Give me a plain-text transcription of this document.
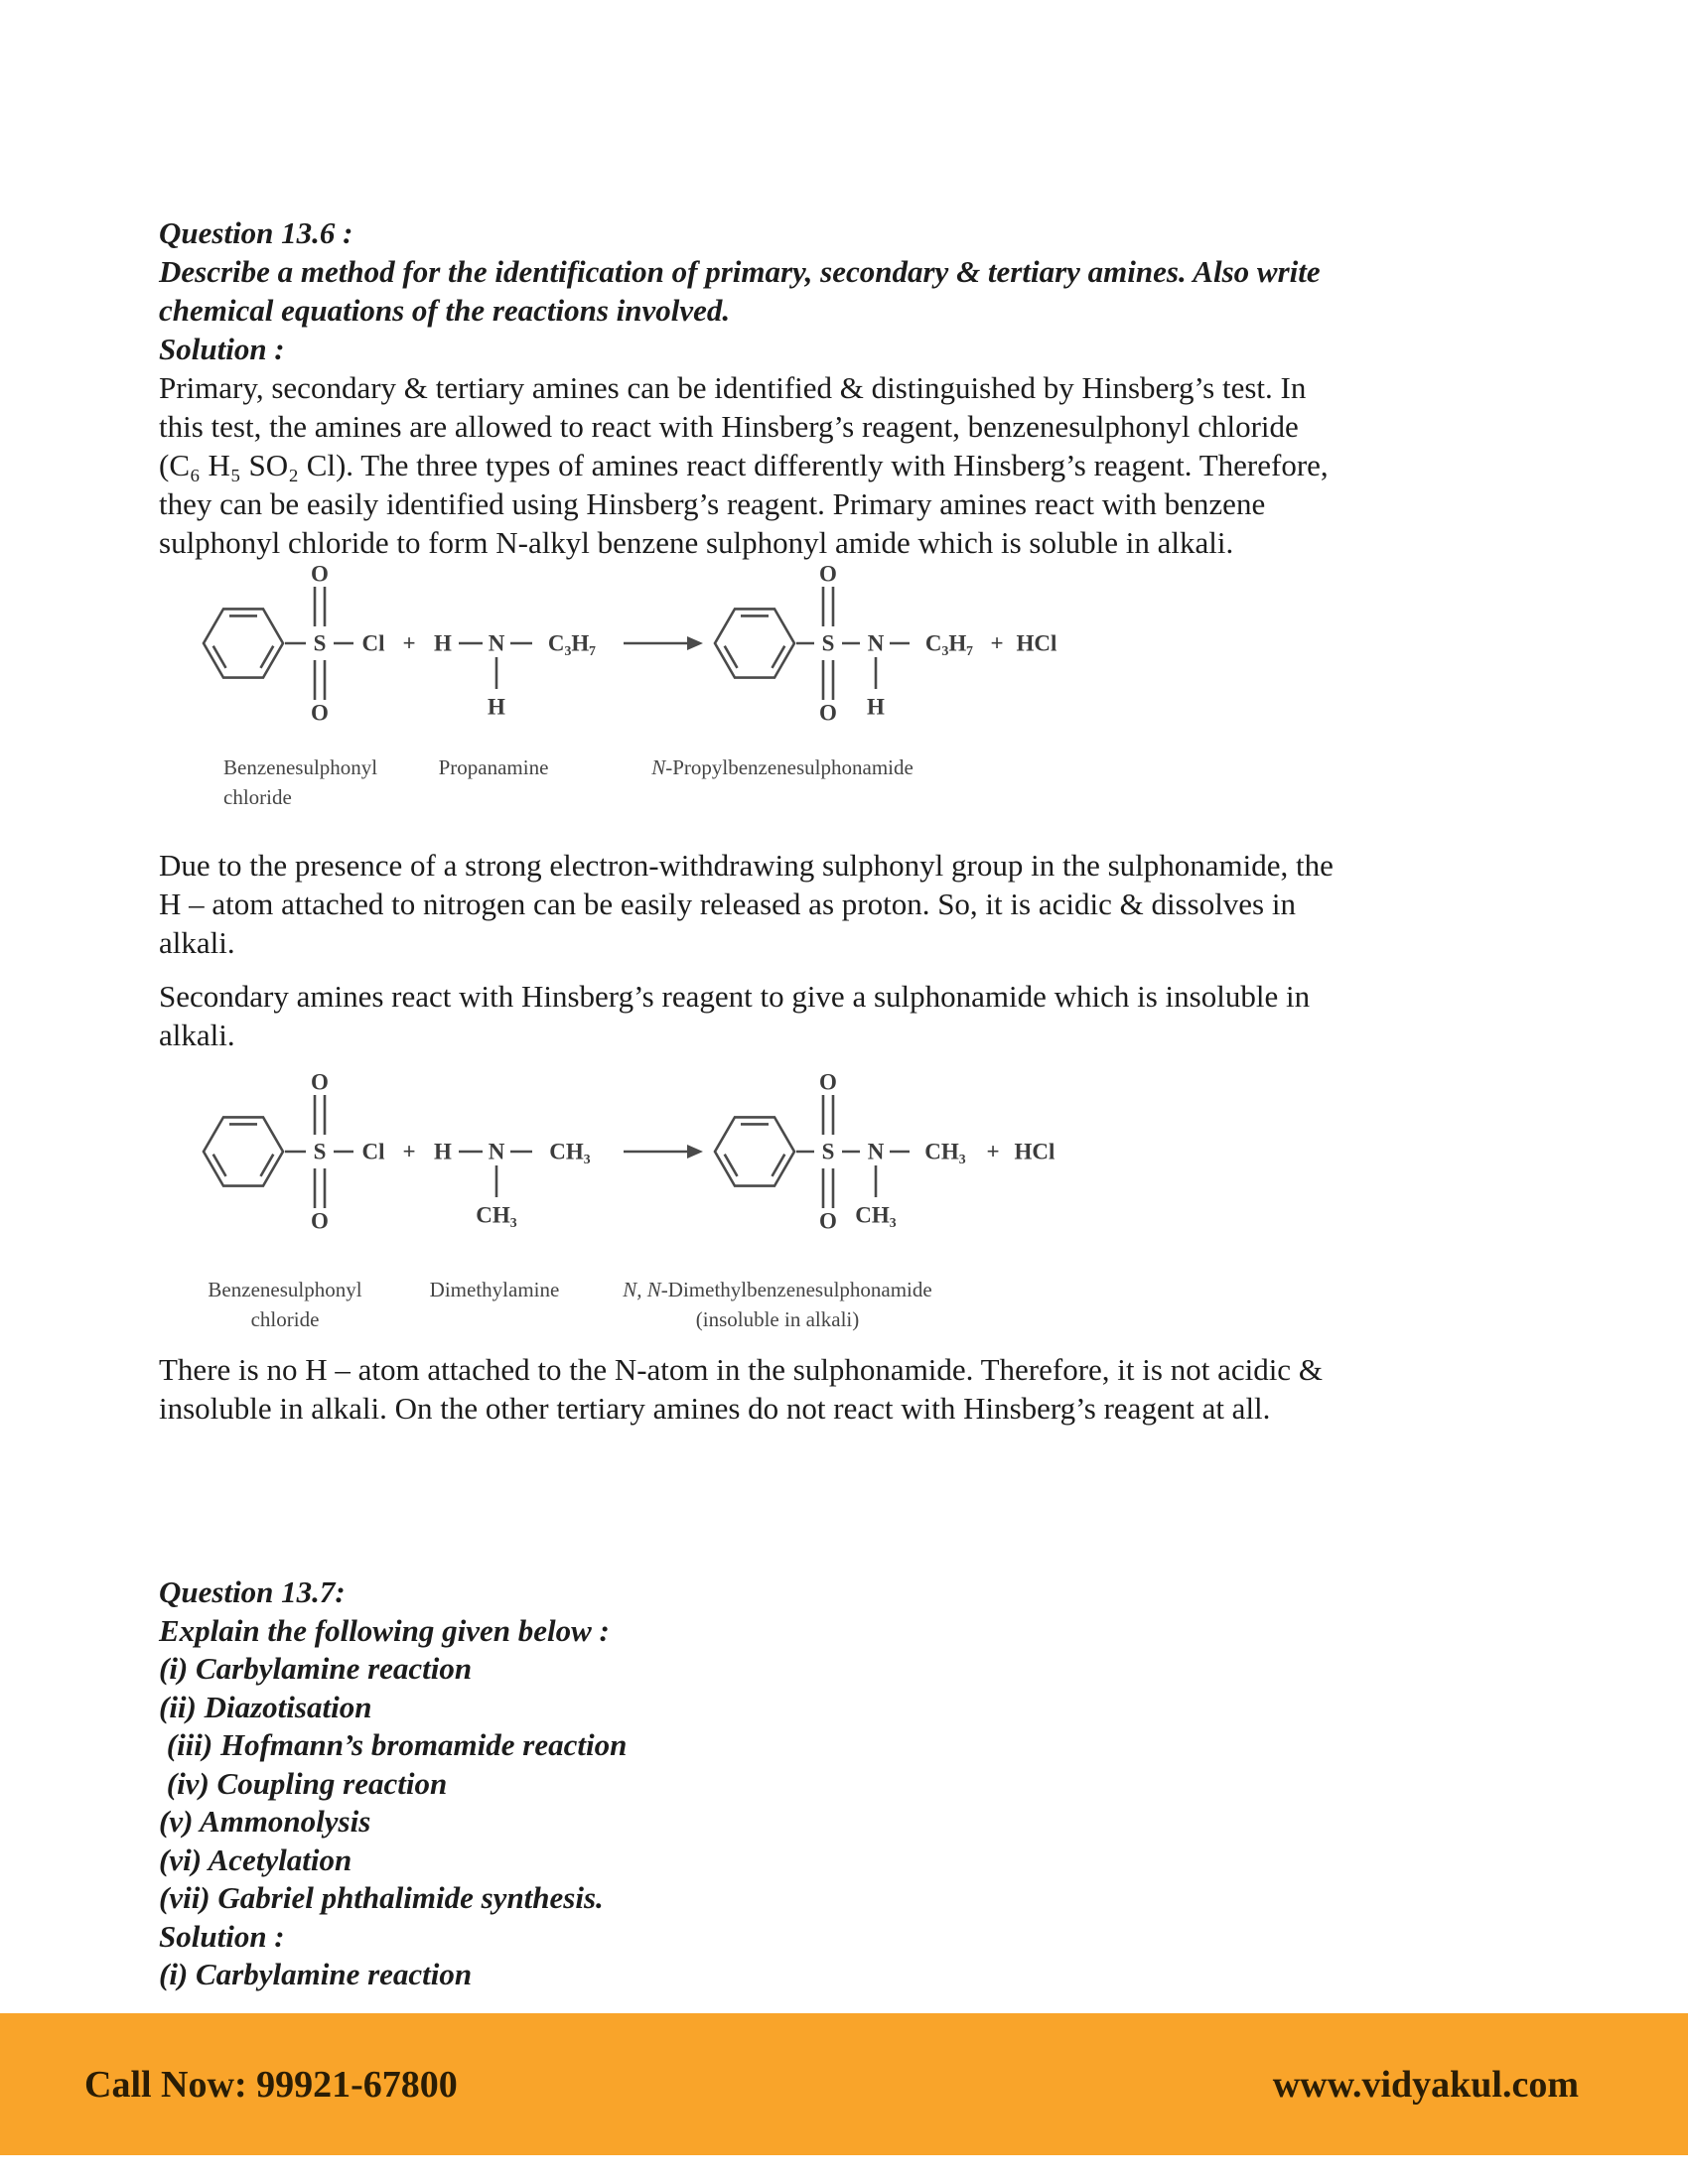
Question 13.6 :
Describe a method for the identification of primary, secondary & tertiary amines. Also write
chemical equations of the reactions involved.
Solution :
Primary, secondary & tertiary amines can be identified & distinguished by Hinsberg’s test. In
this test, the amines are allowed to react with Hinsberg’s reagent, benzenesulphonyl chloride
(C₆ H₅ SO₂ Cl). The three types of amines react differently with Hinsberg’s reagent. Therefore,
they can be easily identified using Hinsberg’s reagent. Primary amines react with benzene
sulphonyl chloride to form N-alkyl benzene sulphonyl amide which is soluble in alkali.
O
S
O
Cl + H N C₃H₇
H
O
S
O
N C₃H₇
H
+ HCl
Benzenesulphonyl
chloride
Propanamine	N-Propylbenzenesulphonamide
Due to the presence of a strong electron-withdrawing sulphonyl group in the sulphonamide, the
H – atom attached to nitrogen can be easily released as proton. So, it is acidic & dissolves in
alkali.
Secondary amines react with Hinsberg’s reagent to give a sulphonamide which is insoluble in
alkali.
O
S
O
Cl + H N CH₃
CH₃
O
S
O
N CH₃
CH₃
+ HCl
Benzenesulphonyl
chloride
Dimethylamine	N, N-Dimethylbenzenesulphonamide
(insoluble in alkali)
There is no H – atom attached to the N-atom in the sulphonamide. Therefore, it is not acidic &
insoluble in alkali. On the other tertiary amines do not react with Hinsberg’s reagent at all.
Question 13.7:
Explain the following given below :
(i) Carbylamine reaction
(ii) Diazotisation
(iii) Hofmann’s bromamide reaction
(iv) Coupling reaction
(v) Ammonolysis
(vi) Acetylation
(vii) Gabriel phthalimide synthesis.
Solution :
(i) Carbylamine reaction
Call Now: 99921-67800	www.vidyakul.com
